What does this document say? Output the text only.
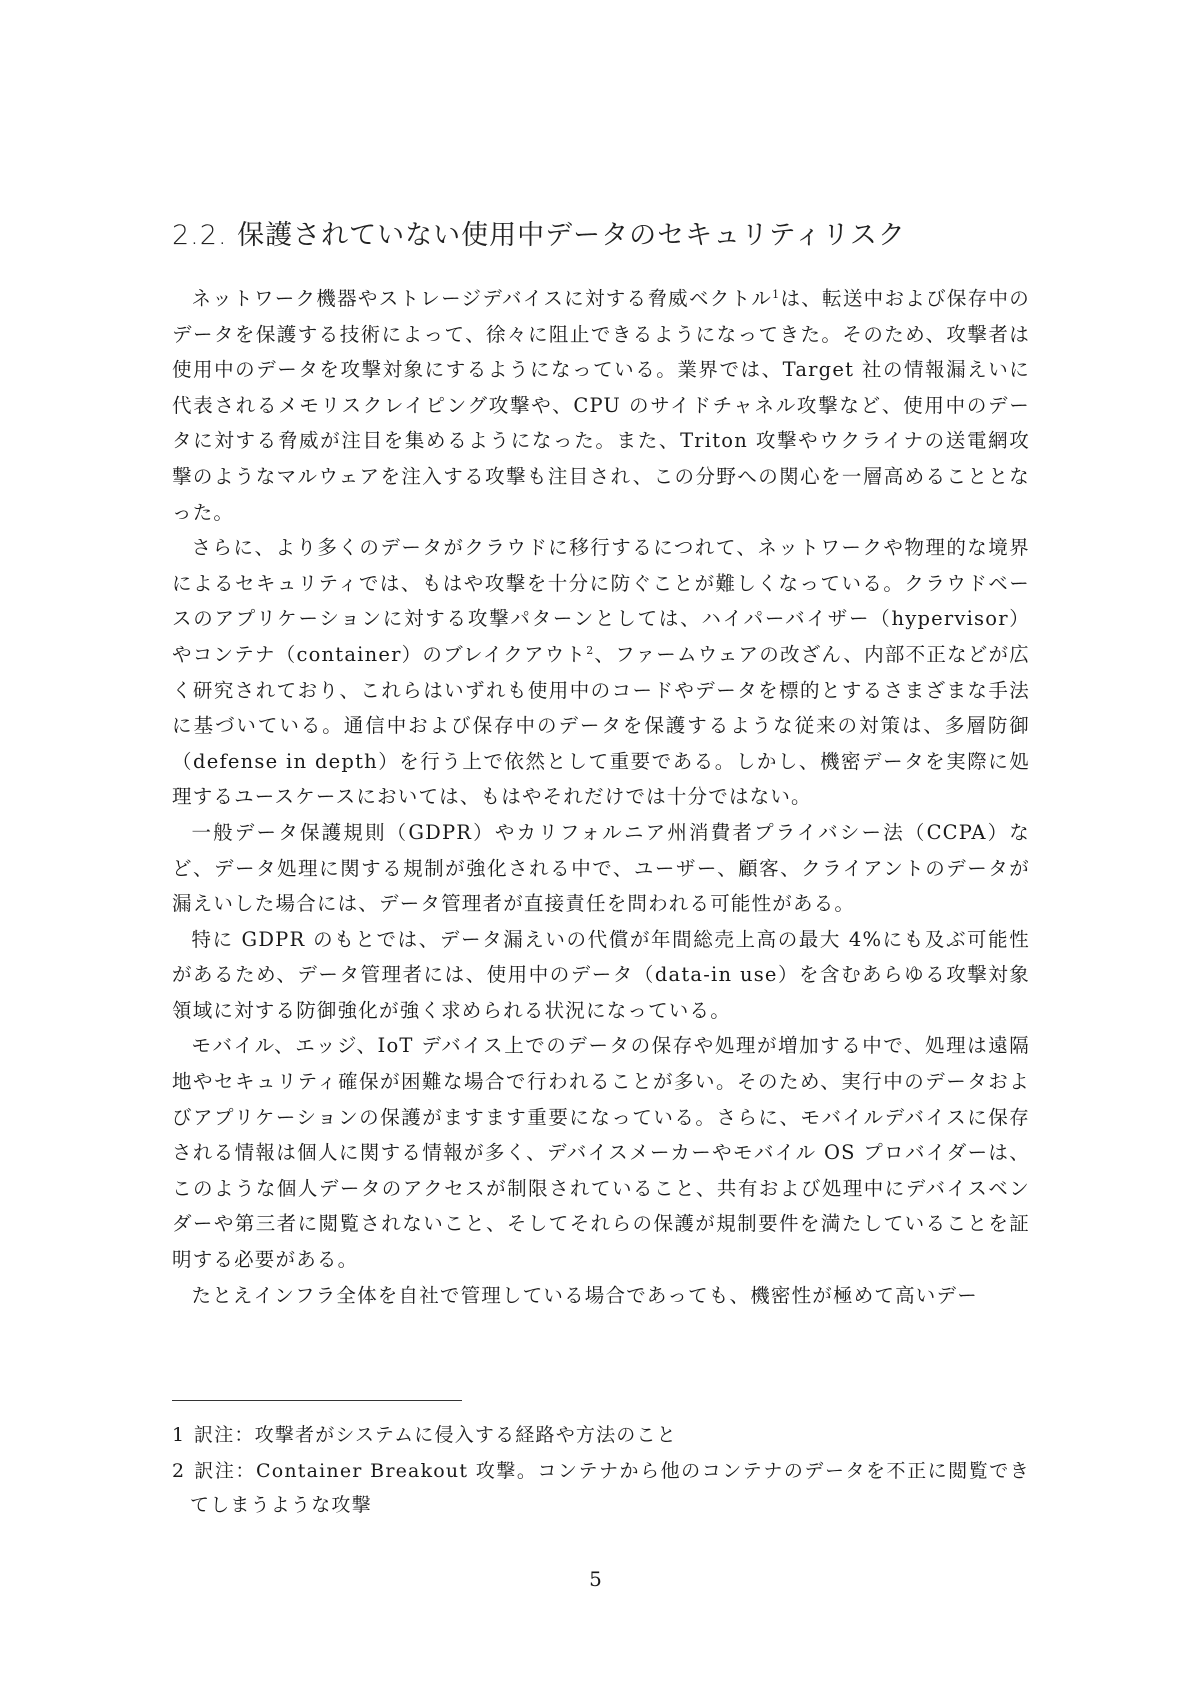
2.2. 保護されていない使用中データのセキュリティリスク

ネットワーク機器やストレージデバイスに対する脅威ベクトル$^1$は、転送中および保存中のデータを保護する技術によって、徐々に阻止できるようになってきた。そのため、攻撃者は使用中のデータを攻撃対象にするようになっている。業界では、Target 社の情報漏えいに代表されるメモリスクレイピング攻撃や、CPU のサイドチャネル攻撃など、使用中のデータに対する脅威が注目を集めるようになった。また、Triton 攻撃やウクライナの送電網攻撃のようなマルウェアを注入する攻撃も注目され、この分野への関心を一層高めることとなった。

さらに、より多くのデータがクラウドに移行するにつれて、ネットワークや物理的な境界によるセキュリティでは、もはや攻撃を十分に防ぐことが難しくなっている。クラウドベースのアプリケーションに対する攻撃パターンとしては、ハイパーバイザー（hypervisor）やコンテナ（container）のブレイクアウト$^2$、ファームウェアの改ざん、内部不正などが広く研究されており、これらはいずれも使用中のコードやデータを標的とするさまざまな手法に基づいている。通信中および保存中のデータを保護するような従来の対策は、多層防御（defense in depth）を行う上で依然として重要である。しかし、機密データを実際に処理するユースケースにおいては、もはやそれだけでは十分ではない。

一般データ保護規則（GDPR）やカリフォルニア州消費者プライバシー法（CCPA）など、データ処理に関する規制が強化される中で、ユーザー、顧客、クライアントのデータが漏えいした場合には、データ管理者が直接責任を問われる可能性がある。

特に GDPR のもとでは、データ漏えいの代償が年間総売上高の最大 4%にも及ぶ可能性があるため、データ管理者には、使用中のデータ（data-in use）を含むあらゆる攻撃対象領域に対する防御強化が強く求められる状況になっている。

モバイル、エッジ、IoT デバイス上でのデータの保存や処理が増加する中で、処理は遠隔地やセキュリティ確保が困難な場合で行われることが多い。そのため、実行中のデータおよびアプリケーションの保護がますます重要になっている。さらに、モバイルデバイスに保存される情報は個人に関する情報が多く、デバイスメーカーやモバイル OS プロバイダーは、このような個人データのアクセスが制限されていること、共有および処理中にデバイスベンダーや第三者に閲覧されないこと、そしてそれらの保護が規制要件を満たしていることを証明する必要がある。

たとえインフラ全体を自社で管理している場合であっても、機密性が極めて高いデー

1 訳注：攻撃者がシステムに侵入する経路や方法のこと

2 訳注：Container Breakout 攻撃。コンテナから他のコンテナのデータを不正に閲覧できてしまうような攻撃

5
